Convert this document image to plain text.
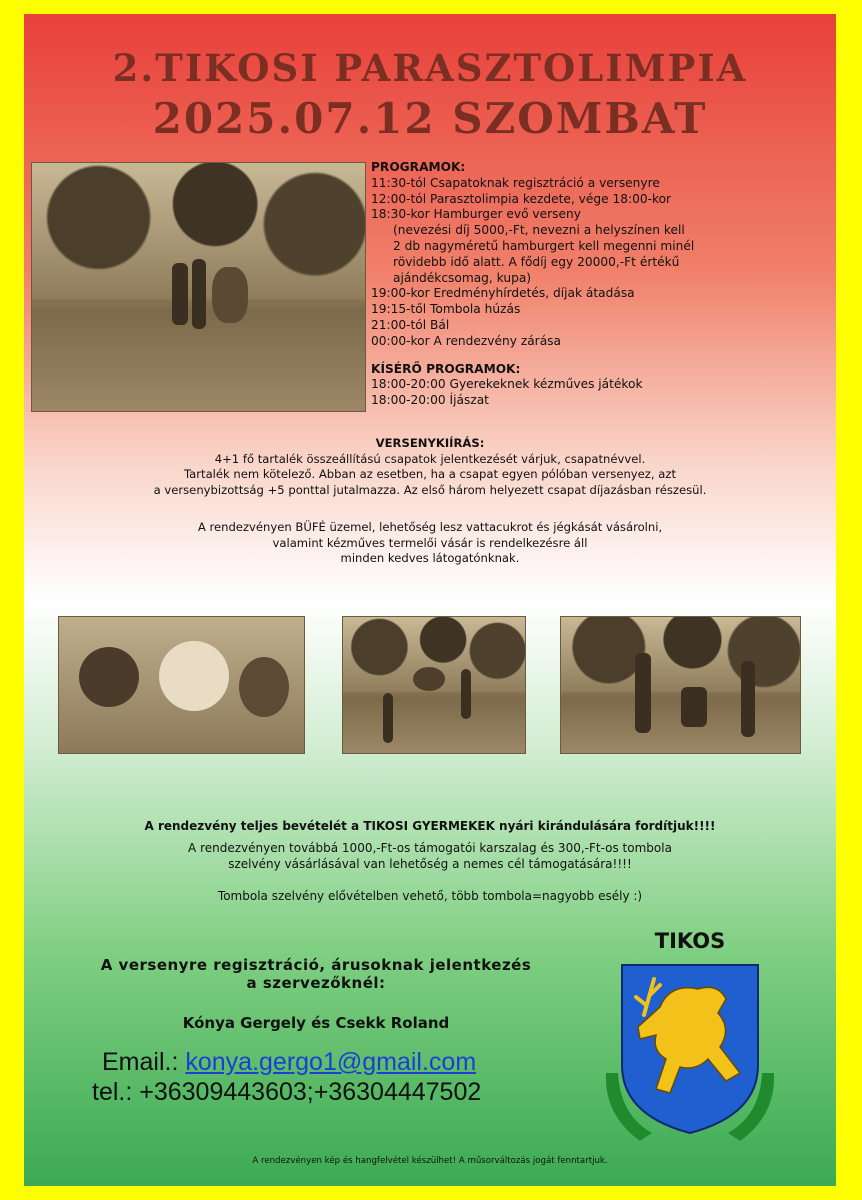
2.TIKOSI PARASZTOLIMPIA
2025.07.12 SZOMBAT
PROGRAMOK:
11:30-tól Csapatoknak regisztráció a versenyre
12:00-tól Parasztolimpia kezdete, vége 18:00-kor
18:30-kor Hamburger evő verseny
(nevezési díj 5000,-Ft, nevezni a helyszínen kell
2 db nagyméretű hamburgert kell megenni minél
rövidebb idő alatt. A fődíj egy 20000,-Ft értékű
ajándékcsomag, kupa)
19:00-kor Eredményhírdetés, díjak átadása
19:15-től Tombola húzás
21:00-tól Bál
00:00-kor A rendezvény zárása
KÍSÉRŐ PROGRAMOK:
18:00-20:00 Gyerekeknek kézműves játékok
18:00-20:00 Íjászat
VERSENYKIÍRÁS:
4+1 fő tartalék összeállítású csapatok jelentkezését várjuk, csapatnévvel.
Tartalék nem kötelező. Abban az esetben, ha a csapat egyen pólóban versenyez, azt
a versenybizottság +5 ponttal jutalmazza. Az első három helyezett csapat díjazásban részesül.
A rendezvényen BÜFÉ üzemel, lehetőség lesz vattacukrot és jégkását vásárolni,
valamint kézműves termelői vásár is rendelkezésre áll
minden kedves látogatónknak.
A rendezvény teljes bevételét a TIKOSI GYERMEKEK nyári kirándulására fordítjuk!!!!
A rendezvényen továbbá 1000,-Ft-os támogatói karszalag és 300,-Ft-os tombola
szelvény vásárlásával van lehetőség a nemes cél támogatására!!!!
Tombola szelvény elővételben vehető, több tombola=nagyobb esély :)
A versenyre regisztráció, árusoknak jelentkezés
a szervezőknél:
Kónya Gergely és Csekk Roland
Email.: konya.gergo1@gmail.com
tel.: +36309443603;+36304447502
TIKOS
A rendezvényen kép és hangfelvétel készülhet! A műsorváltozás jogát fenntartjuk.
